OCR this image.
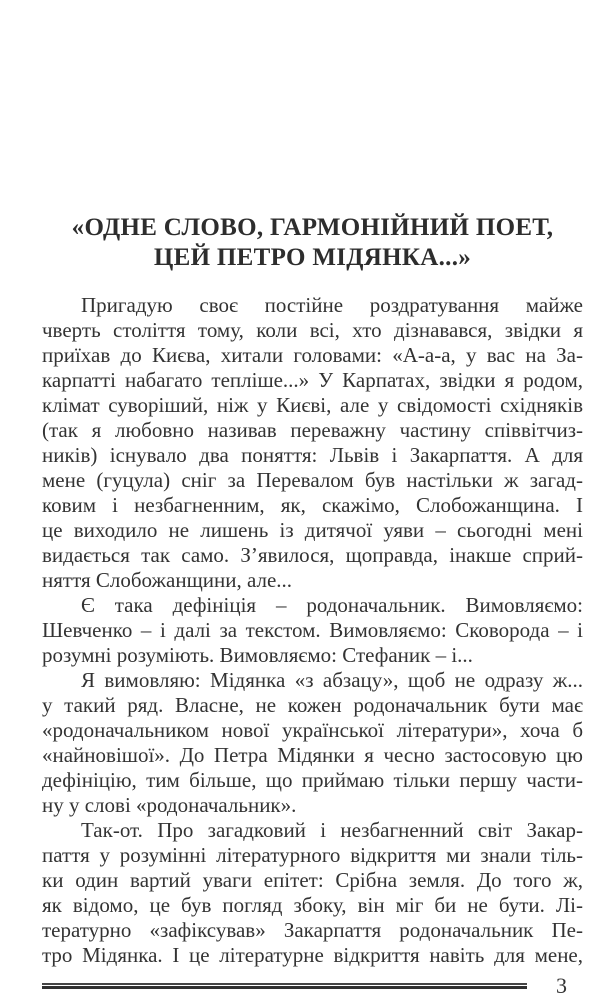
«ОДНЕ СЛОВО, ГАРМОНІЙНИЙ ПОЕТ,
ЦЕЙ ПЕТРО МІДЯНКА...»

Пригадую своє постійне роздратування майже
чверть століття тому, коли всі, хто дізнавався, звідки я
приїхав до Києва, хитали головами: «А-а-а, у вас на За-
карпатті набагато тепліше...» У Карпатах, звідки я родом,
клімат суворіший, ніж у Києві, але у свідомості східняків
(так я любовно називав переважну частину співвітчиз-
ників) існувало два поняття: Львів і Закарпаття. А для
мене (гуцула) сніг за Перевалом був настільки ж загад-
ковим і незбагненним, як, скажімо, Слобожанщина. І
це виходило не лишень із дитячої уяви – сьогодні мені
видається так само. З’явилося, щоправда, інакше сприй-
няття Слобожанщини, але...

Є така дефініція – родоначальник. Вимовляємо:
Шевченко – і далі за текстом. Вимовляємо: Сковорода – і
розумні розуміють. Вимовляємо: Стефаник – і...

Я вимовляю: Мідянка «з абзацу», щоб не одразу ж...
у такий ряд. Власне, не кожен родоначальник бути має
«родоначальником нової української літератури», хоча б
«найновішої». До Петра Мідянки я чесно застосовую цю
дефініцію, тим більше, що приймаю тільки першу части-
ну у слові «родоначальник».

Так-от. Про загадковий і незбагненний світ Закар-
паття у розумінні літературного відкриття ми знали тіль-
ки один вартий уваги епітет: Срібна земля. До того ж,
як відомо, це був погляд збоку, він міг би не бути. Лі-
тературно «зафіксував» Закарпаття родоначальник Пе-
тро Мідянка. І це літературне відкриття навіть для мене,

3
